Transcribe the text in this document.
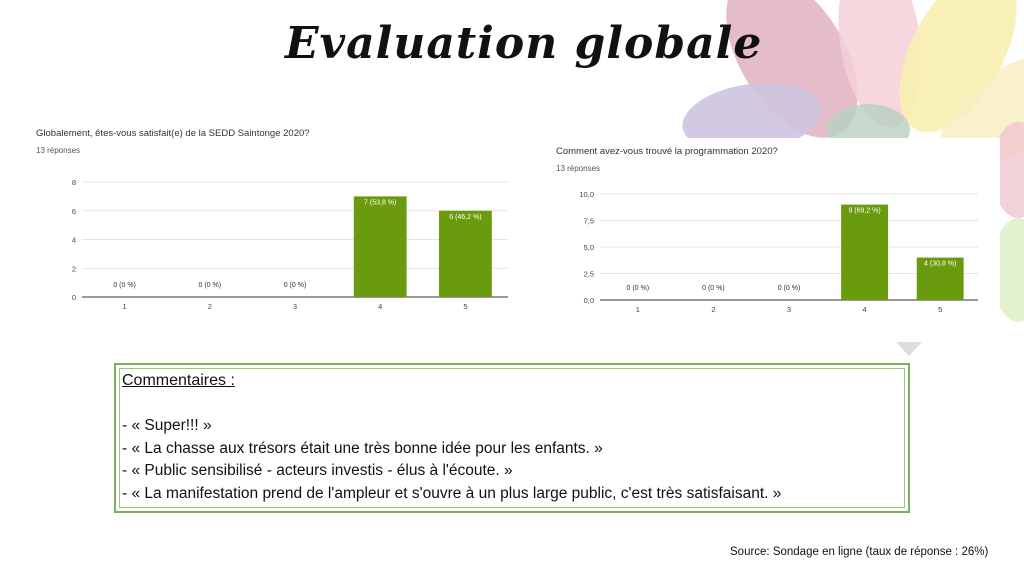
Evaluation globale
Globalement, êtes-vous satisfait(e) de la SEDD Saintonge 2020?
13 réponses
0
2
4
6
8
0 (0 %)
1
0 (0 %)
2
0 (0 %)
3
7 (53,8 %)
4
6 (46,2 %)
5
Comment avez-vous trouvé la programmation 2020?
13 réponses
0,0
2,5
5,0
7,5
10,0
0 (0 %)
1
0 (0 %)
2
0 (0 %)
3
9 (69,2 %)
4
4 (30,8 %)
5
Commentaires :
- « Super!!! »
- « La chasse aux trésors était une très bonne idée pour les enfants. »
- « Public sensibilisé - acteurs investis - élus à l'écoute. »
- « La manifestation prend de l'ampleur et s'ouvre à un plus large public, c'est très satisfaisant. »
Source: Sondage en ligne (taux de réponse : 26%)
